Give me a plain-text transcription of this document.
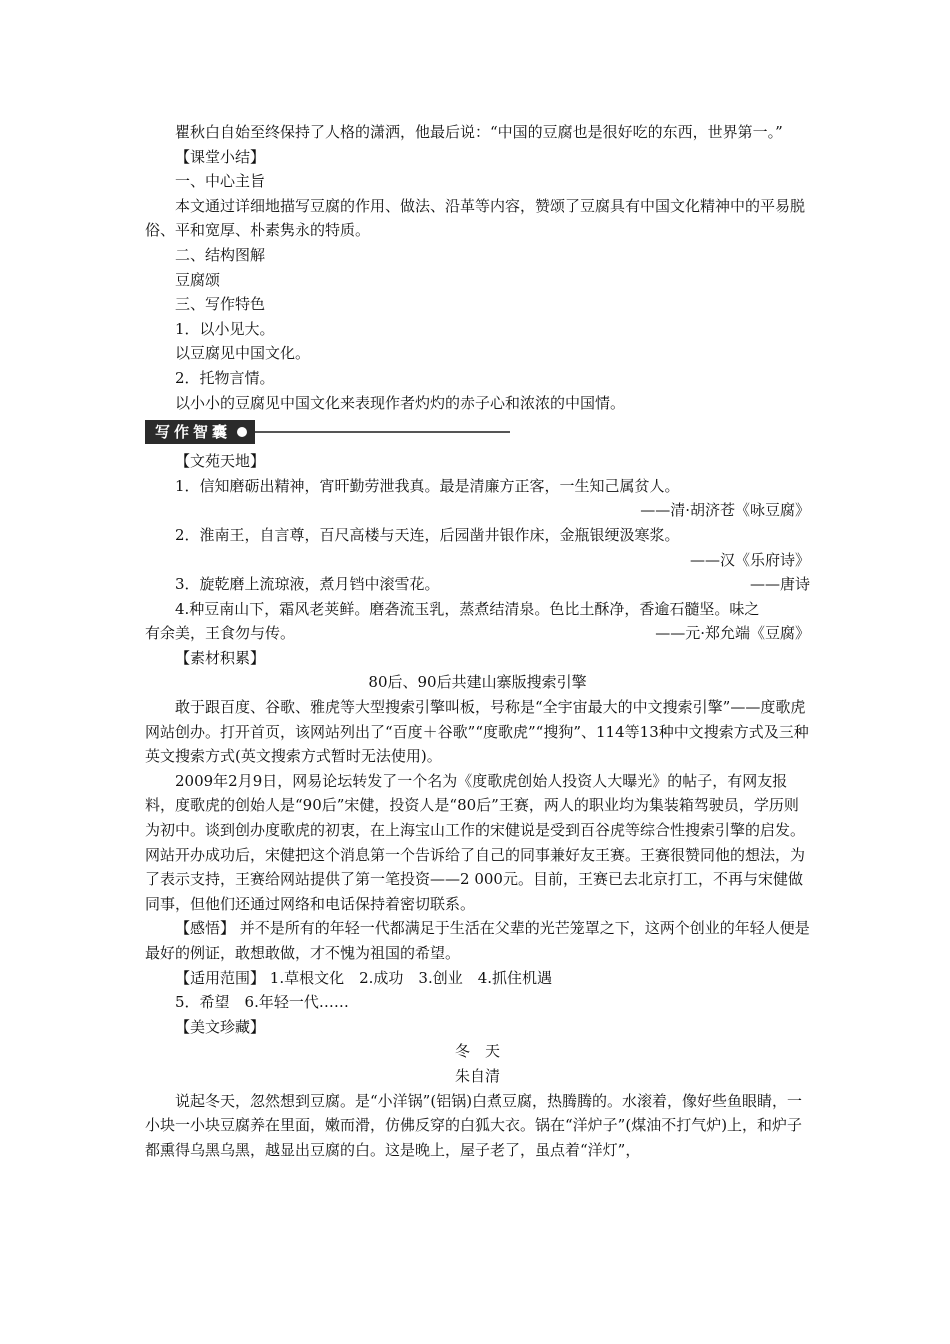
瞿秋白自始至终保持了人格的潇洒，他最后说：“中国的豆腐也是很好吃的东西，世界第一。”

【课堂小结】

一、中心主旨

本文通过详细地描写豆腐的作用、做法、沿革等内容，赞颂了豆腐具有中国文化精神中的平易脱俗、平和宽厚、朴素隽永的特质。

二、结构图解

豆腐颂

三、写作特色

1．以小见大。

以豆腐见中国文化。

2．托物言情。

以小小的豆腐见中国文化来表现作者灼灼的赤子心和浓浓的中国情。

写作智囊

【文苑天地】

1．信知磨砺出精神，宵旰勤劳泄我真。最是清廉方正客，一生知己属贫人。

——清·胡济苍《咏豆腐》

2．淮南王，自言尊，百尺高楼与天连，后园凿井银作床，金瓶银绠汲寒浆。

——汉《乐府诗》

3．旋乾磨上流琼液，煮月铛中滚雪花。	——唐诗

4.种豆南山下，霜风老荚鲜。磨砻流玉乳，蒸煮结清泉。色比土酥净，香逾石髓坚。味之

有余美，王食勿与传。	——元·郑允端《豆腐》

【素材积累】

80后、90后共建山寨版搜索引擎

敢于跟百度、谷歌、雅虎等大型搜索引擎叫板，号称是“全宇宙最大的中文搜索引擎”——度歌虎网站创办。打开首页，该网站列出了“百度＋谷歌”“度歌虎”“搜狗”、114等13种中文搜索方式及三种英文搜索方式(英文搜索方式暂时无法使用)。

2009年2月9日，网易论坛转发了一个名为《度歌虎创始人投资人大曝光》的帖子，有网友报料，度歌虎的创始人是“90后”宋健，投资人是“80后”王赛，两人的职业均为集装箱驾驶员，学历则为初中。谈到创办度歌虎的初衷，在上海宝山工作的宋健说是受到百谷虎等综合性搜索引擎的启发。网站开办成功后，宋健把这个消息第一个告诉给了自己的同事兼好友王赛。王赛很赞同他的想法，为了表示支持，王赛给网站提供了第一笔投资——2 000元。目前，王赛已去北京打工，不再与宋健做同事，但他们还通过网络和电话保持着密切联系。

【感悟】 并不是所有的年轻一代都满足于生活在父辈的光芒笼罩之下，这两个创业的年轻人便是最好的例证，敢想敢做，才不愧为祖国的希望。

【适用范围】 1.草根文化　2.成功　3.创业　4.抓住机遇

5．希望　6.年轻一代……

【美文珍藏】

冬　天

朱自清

说起冬天，忽然想到豆腐。是“小洋锅”(铝锅)白煮豆腐，热腾腾的。水滚着，像好些鱼眼睛，一小块一小块豆腐养在里面，嫩而滑，仿佛反穿的白狐大衣。锅在“洋炉子”(煤油不打气炉)上，和炉子都熏得乌黑乌黑，越显出豆腐的白。这是晚上，屋子老了，虽点着“洋灯”，
